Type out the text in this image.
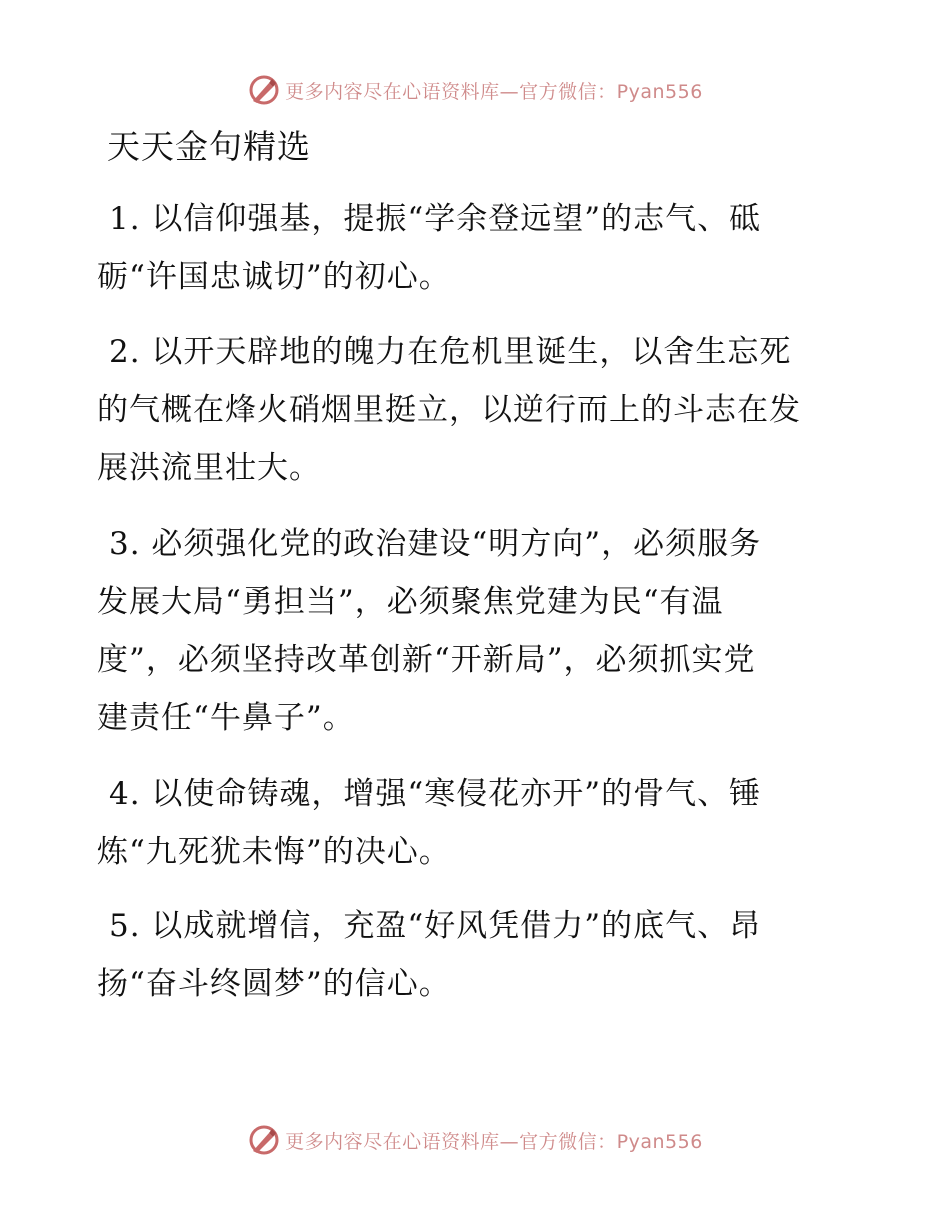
更多内容尽在心语资料库—官方微信：Pyan556
天天金句精选
1. 以信仰强基，提振“学余登远望”的志气、砥
砺“许国忠诚切”的初心。
2. 以开天辟地的魄力在危机里诞生，以舍生忘死
的气概在烽火硝烟里挺立，以逆行而上的斗志在发
展洪流里壮大。
3. 必须强化党的政治建设“明方向”，必须服务
发展大局“勇担当”，必须聚焦党建为民“有温
度”，必须坚持改革创新“开新局”，必须抓实党
建责任“牛鼻子”。
4. 以使命铸魂，增强“寒侵花亦开”的骨气、锤
炼“九死犹未悔”的决心。
5. 以成就增信，充盈“好风凭借力”的底气、昂
扬“奋斗终圆梦”的信心。
更多内容尽在心语资料库—官方微信：Pyan556
